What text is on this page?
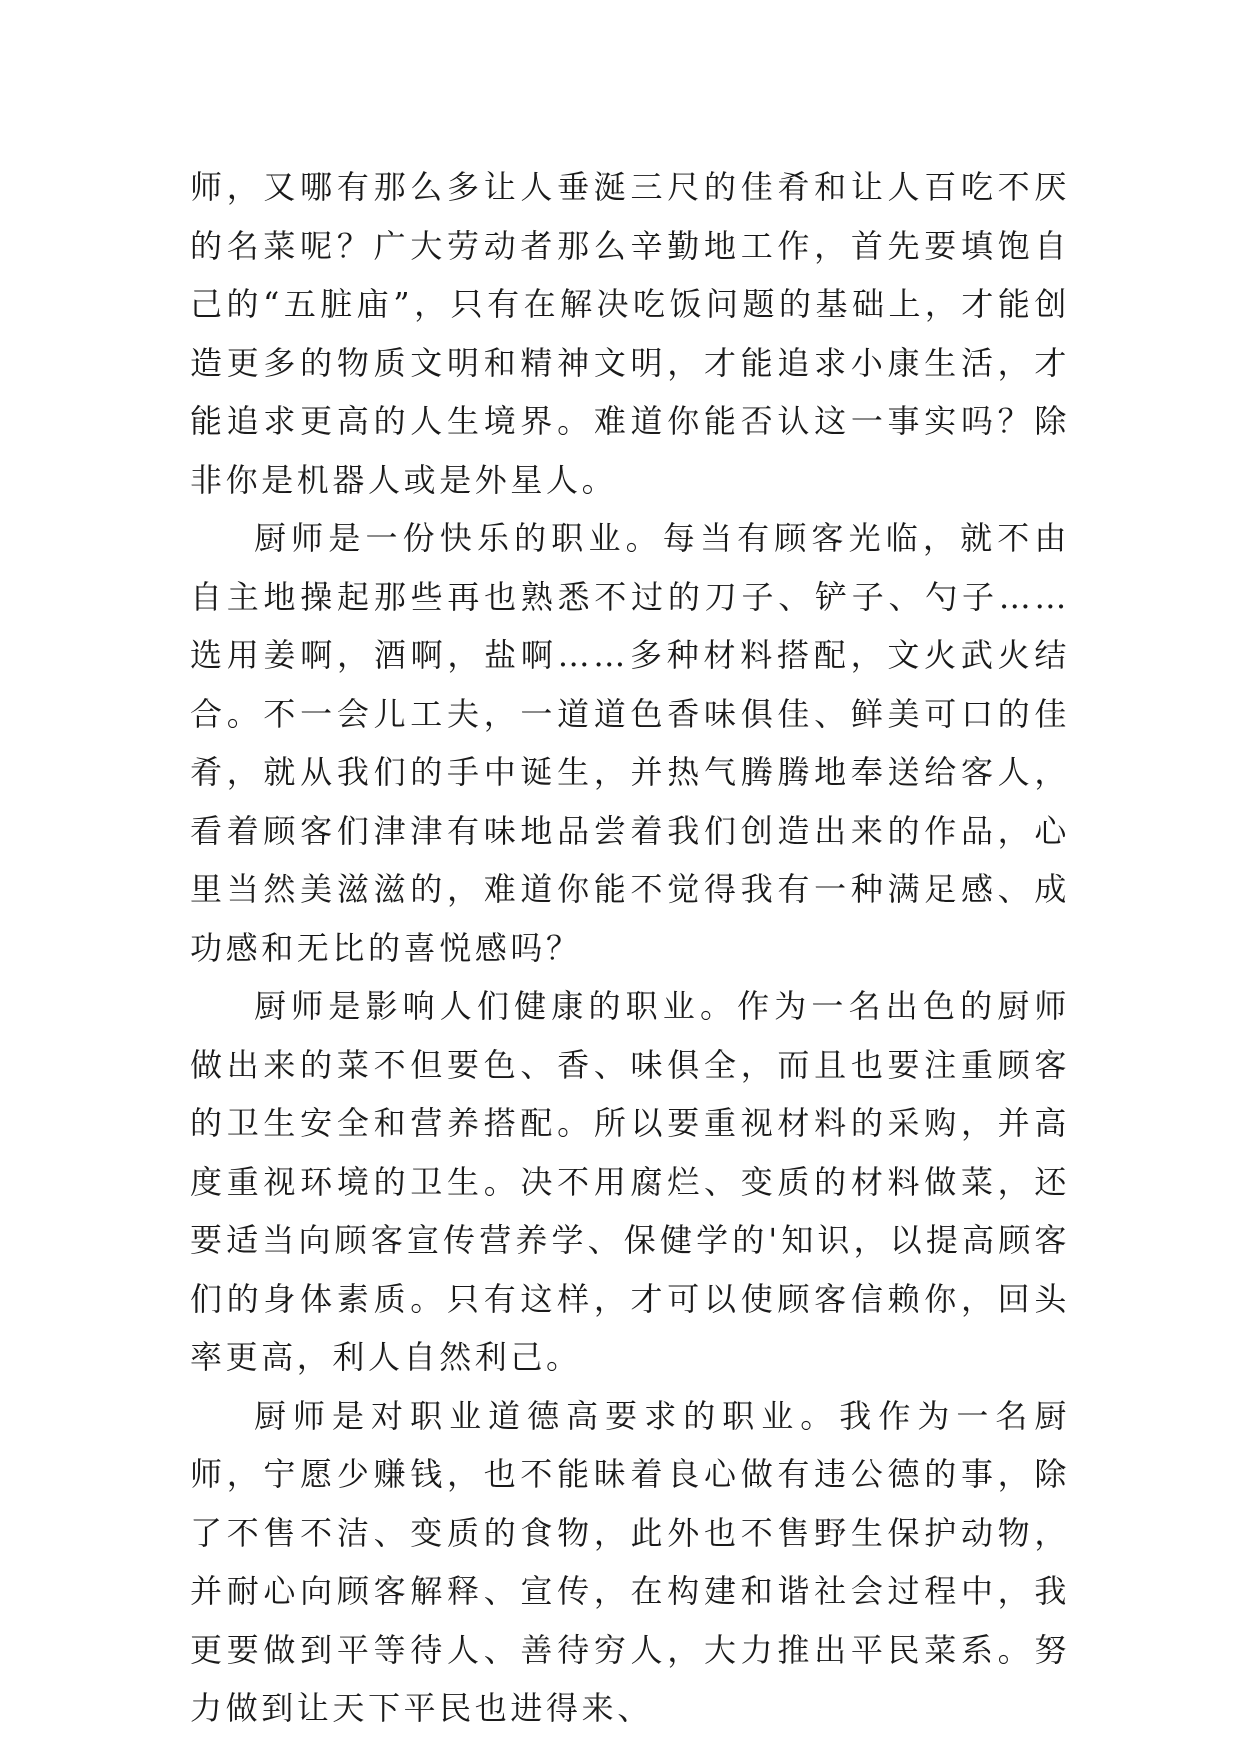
师，又哪有那么多让人垂涎三尺的佳肴和让人百吃不厌的名菜呢？广大劳动者那么辛勤地工作，首先要填饱自己的“五脏庙”，只有在解决吃饭问题的基础上，才能创造更多的物质文明和精神文明，才能追求小康生活，才能追求更高的人生境界。难道你能否认这一事实吗？除非你是机器人或是外星人。

厨师是一份快乐的职业。每当有顾客光临，就不由自主地操起那些再也熟悉不过的刀子、铲子、勺子……选用姜啊，酒啊，盐啊……多种材料搭配，文火武火结合。不一会儿工夫，一道道色香味俱佳、鲜美可口的佳肴，就从我们的手中诞生，并热气腾腾地奉送给客人，看着顾客们津津有味地品尝着我们创造出来的作品，心里当然美滋滋的，难道你能不觉得我有一种满足感、成功感和无比的喜悦感吗？

厨师是影响人们健康的职业。作为一名出色的厨师做出来的菜不但要色、香、味俱全，而且也要注重顾客的卫生安全和营养搭配。所以要重视材料的采购，并高度重视环境的卫生。决不用腐烂、变质的材料做菜，还要适当向顾客宣传营养学、保健学的'知识，以提高顾客们的身体素质。只有这样，才可以使顾客信赖你，回头率更高，利人自然利己。

厨师是对职业道德高要求的职业。我作为一名厨师，宁愿少赚钱，也不能昧着良心做有违公德的事，除了不售不洁、变质的食物，此外也不售野生保护动物，并耐心向顾客解释、宣传，在构建和谐社会过程中，我更要做到平等待人、善待穷人，大力推出平民菜系。努力做到让天下平民也进得来、
